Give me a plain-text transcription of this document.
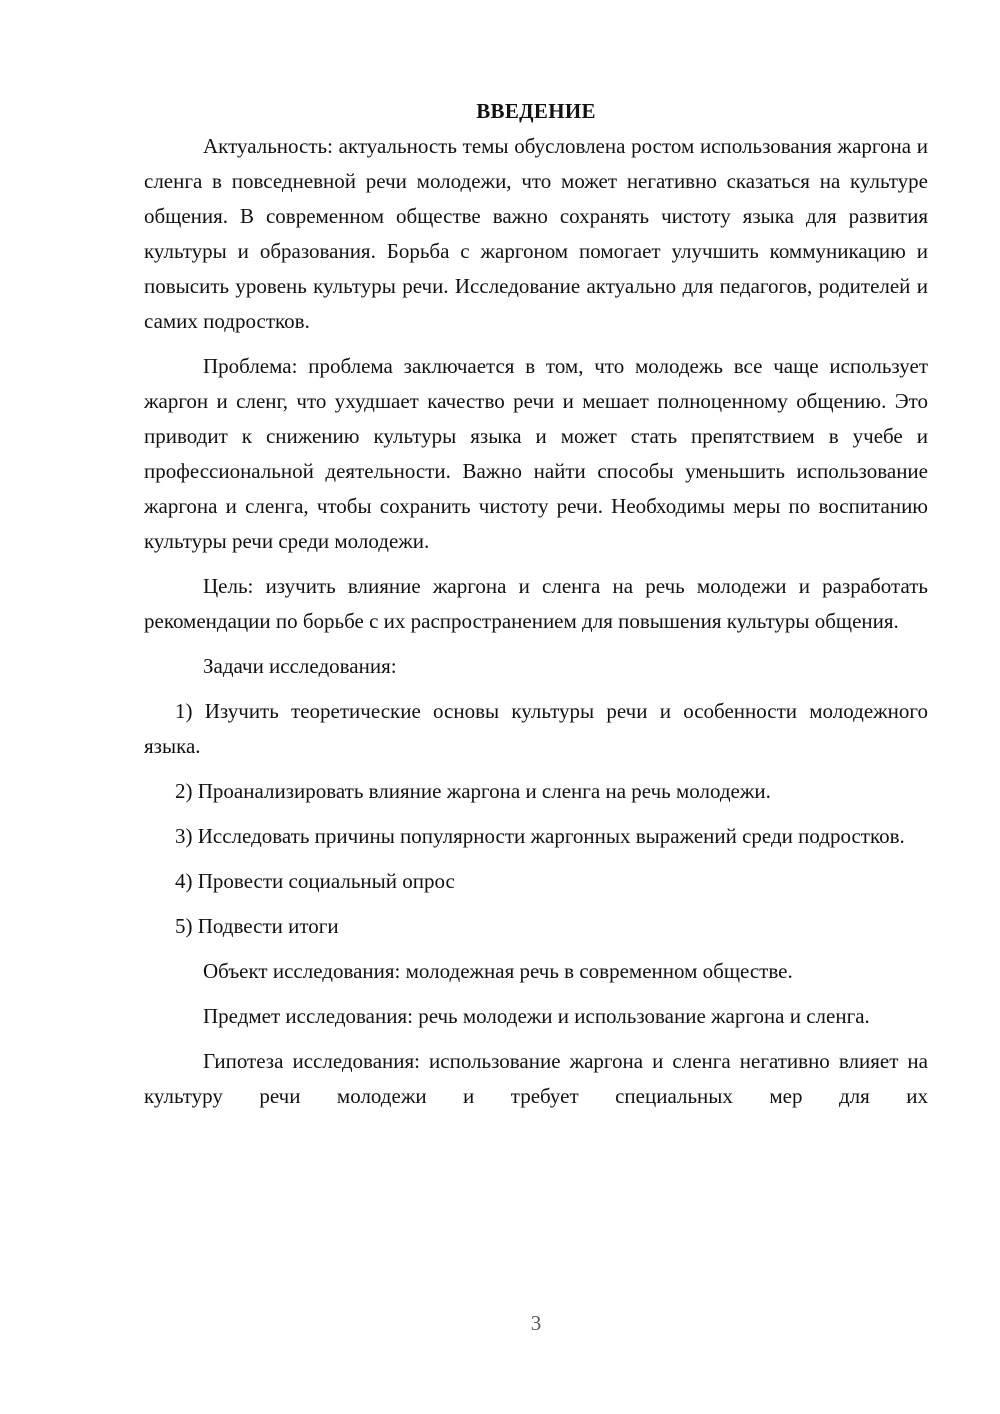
ВВЕДЕНИЕ

Актуальность: актуальность темы обусловлена ростом использования жаргона и сленга в повседневной речи молодежи, что может негативно сказаться на культуре общения. В современном обществе важно сохранять чистоту языка для развития культуры и образования. Борьба с жаргоном помогает улучшить коммуникацию и повысить уровень культуры речи. Исследование актуально для педагогов, родителей и самих подростков.

Проблема: проблема заключается в том, что молодежь все чаще использует жаргон и сленг, что ухудшает качество речи и мешает полноценному общению. Это приводит к снижению культуры языка и может стать препятствием в учебе и профессиональной деятельности. Важно найти способы уменьшить использование жаргона и сленга, чтобы сохранить чистоту речи. Необходимы меры по воспитанию культуры речи среди молодежи.

Цель: изучить влияние жаргона и сленга на речь молодежи и разработать рекомендации по борьбе с их распространением для повышения культуры общения.

Задачи исследования:

1) Изучить теоретические основы культуры речи и особенности молодежного языка.

2) Проанализировать влияние жаргона и сленга на речь молодежи.

3) Исследовать причины популярности жаргонных выражений среди подростков.

4) Провести социальный опрос

5) Подвести итоги

Объект исследования: молодежная речь в современном обществе.

Предмет исследования: речь молодежи и использование жаргона и сленга.

Гипотеза исследования: использование жаргона и сленга негативно влияет на культуру речи молодежи и требует специальных мер для их

3
